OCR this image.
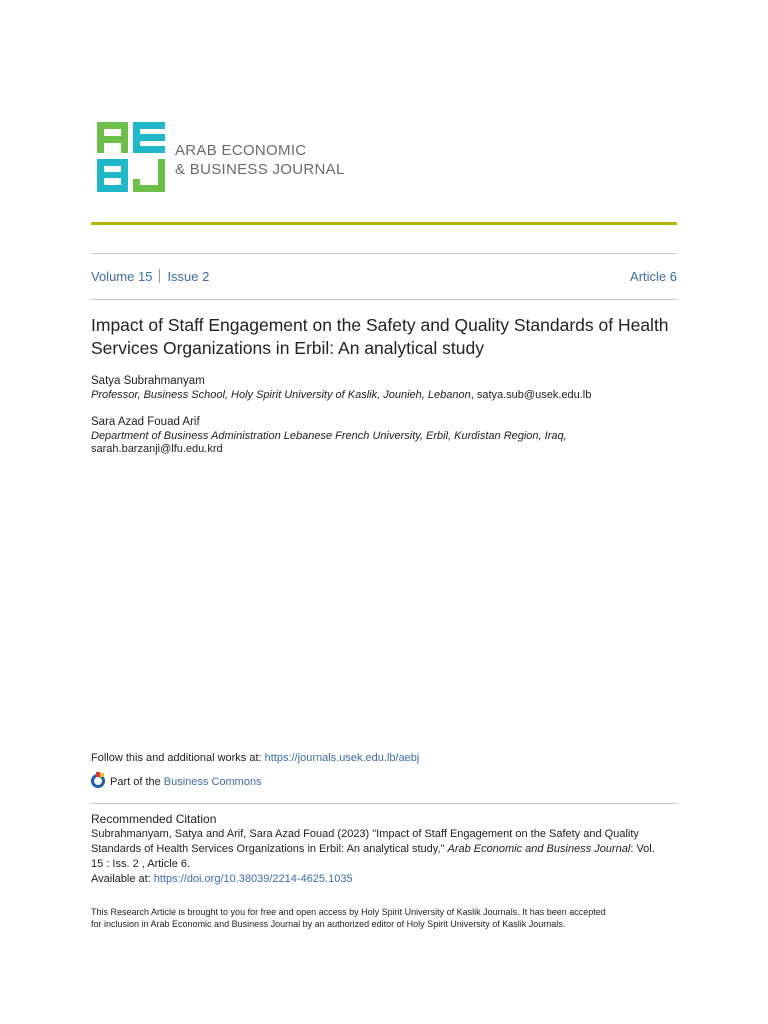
ARAB ECONOMIC
& BUSINESS JOURNAL
Volume 15 Issue 2	Article 6
Impact of Staff Engagement on the Safety and Quality Standards of Health
Services Organizations in Erbil: An analytical study
Satya Subrahmanyam
Professor, Business School, Holy Spirit University of Kaslik, Jounieh, Lebanon, satya.sub@usek.edu.lb
Sara Azad Fouad Arif
Department of Business Administration Lebanese French University, Erbil, Kurdistan Region, Iraq,
sarah.barzanji@lfu.edu.krd
Follow this and additional works at: https://journals.usek.edu.lb/aebj
Part of the Business Commons
Recommended Citation
Subrahmanyam, Satya and Arif, Sara Azad Fouad (2023) "Impact of Staff Engagement on the Safety and Quality
Standards of Health Services Organizations in Erbil: An analytical study," Arab Economic and Business Journal: Vol.
15 : Iss. 2 , Article 6.
Available at: https://doi.org/10.38039/2214-4625.1035
This Research Article is brought to you for free and open access by Holy Spirit University of Kaslik Journals. It has been accepted
for inclusion in Arab Economic and Business Journal by an authorized editor of Holy Spirit University of Kaslik Journals.
